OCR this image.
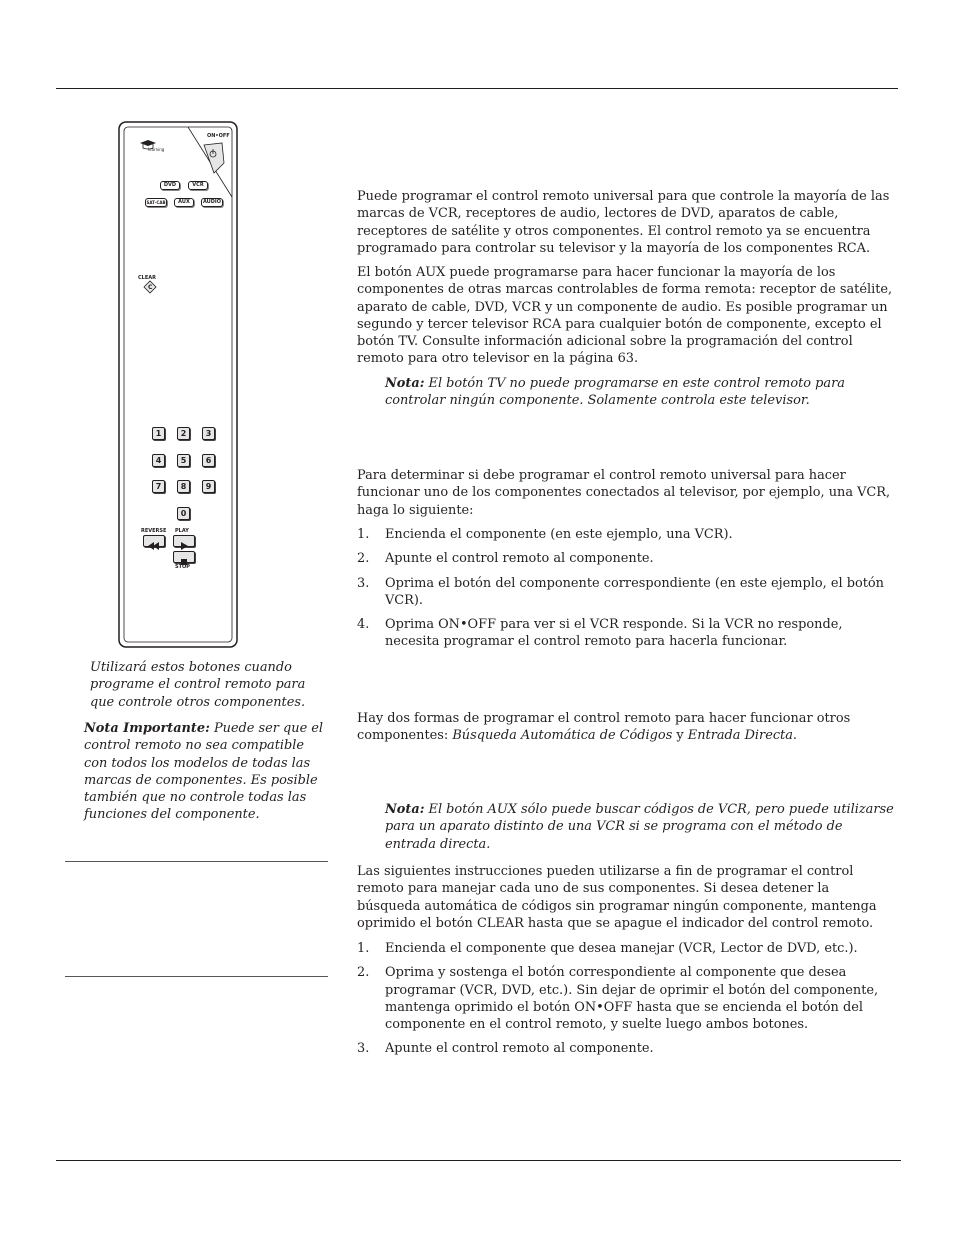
ON•OFF
learning
DVD	VCR
SAT·CAB	AUX	AUDIO
CLEAR
C
1	2	3
4	5	6
7	8	9
0
REVERSE PLAY
STOP
Utilizará estos botones cuando programe el control remoto para que controle otros componentes.
Nota Importante: Puede ser que el control remoto no sea compatible con todos los modelos de todas las marcas de componentes. Es posible también que no controle todas las funciones del componente.

Puede programar el control remoto universal para que controle la mayoría de las marcas de VCR, receptores de audio, lectores de DVD, aparatos de cable, receptores de satélite y otros componentes. El control remoto ya se encuentra programado para controlar su televisor y la mayoría de los componentes RCA.

El botón AUX puede programarse para hacer funcionar la mayoría de los componentes de otras marcas controlables de forma remota: receptor de satélite, aparato de cable, DVD, VCR y un componente de audio. Es posible programar un segundo y tercer televisor RCA para cualquier botón de componente, excepto el botón TV. Consulte información adicional sobre la programación del control remoto para otro televisor en la página 63.

Nota: El botón TV no puede programarse en este control remoto para controlar ningún componente. Solamente controla este televisor.

Para determinar si debe programar el control remoto universal para hacer funcionar uno de los componentes conectados al televisor, por ejemplo, una VCR, haga lo siguiente:

1. Encienda el componente (en este ejemplo, una VCR).
2. Apunte el control remoto al componente.
3. Oprima el botón del componente correspondiente (en este ejemplo, el botón VCR).
4. Oprima ON•OFF para ver si el VCR responde. Si la VCR no responde, necesita programar el control remoto para hacerla funcionar.
Hay dos formas de programar el control remoto para hacer funcionar otros componentes: Búsqueda Automática de Códigos y Entrada Directa.
Nota: El botón AUX sólo puede buscar códigos de VCR, pero puede utilizarse para un aparato distinto de una VCR si se programa con el método de entrada directa.

Las siguientes instrucciones pueden utilizarse a fin de programar el control remoto para manejar cada uno de sus componentes. Si desea detener la búsqueda automática de códigos sin programar ningún componente, mantenga oprimido el botón CLEAR hasta que se apague el indicador del control remoto.

1. Encienda el componente que desea manejar (VCR, Lector de DVD, etc.).
2. Oprima y sostenga el botón correspondiente al componente que desea programar (VCR, DVD, etc.). Sin dejar de oprimir el botón del componente, mantenga oprimido el botón ON•OFF hasta que se encienda el botón del componente en el control remoto, y suelte luego ambos botones.
3. Apunte el control remoto al componente.
